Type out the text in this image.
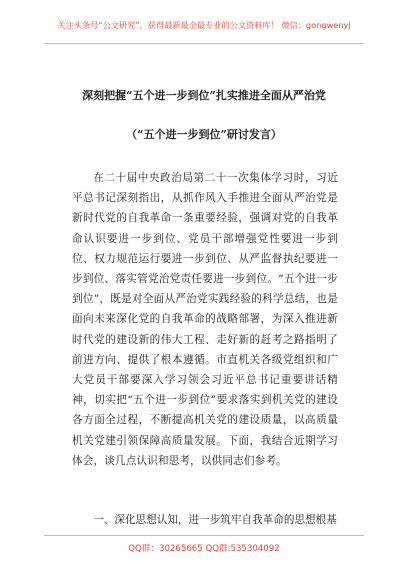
关注头条号“公文研究”，获得最新最全最专业的公文资料库！ 微信：gongwenyj
深刻把握“五个进一步到位”扎实推进全面从严治党
（“五个进一步到位”研讨发言）

在二十届中央政治局第二十一次集体学习时，习近平总书记深刻指出，从抓作风入手推进全面从严治党是新时代党的自我革命一条重要经验，强调对党的自我革命认识要进一步到位、党员干部增强党性要进一步到位、权力规范运行要进一步到位、从严监督执纪要进一步到位、落实管党治党责任要进一步到位。“五个进一步到位”，既是对全面从严治党实践经验的科学总结，也是面向未来深化党的自我革命的战略部署，为深入推进新时代党的建设新的伟大工程、走好新的赶考之路指明了前进方向、提供了根本遵循。市直机关各级党组织和广大党员干部要深入学习领会习近平总书记重要讲话精神，切实把“五个进一步到位”要求落实到机关党的建设各方面全过程，不断提高机关党的建设质量，以高质量机关党建引领保障高质量发展。下面，我结合近期学习体会，谈几点认识和思考，以供同志们参考。

一、深化思想认知，进一步筑牢自我革命的思想根基

QQ群：30265665 QQ群:535304092
